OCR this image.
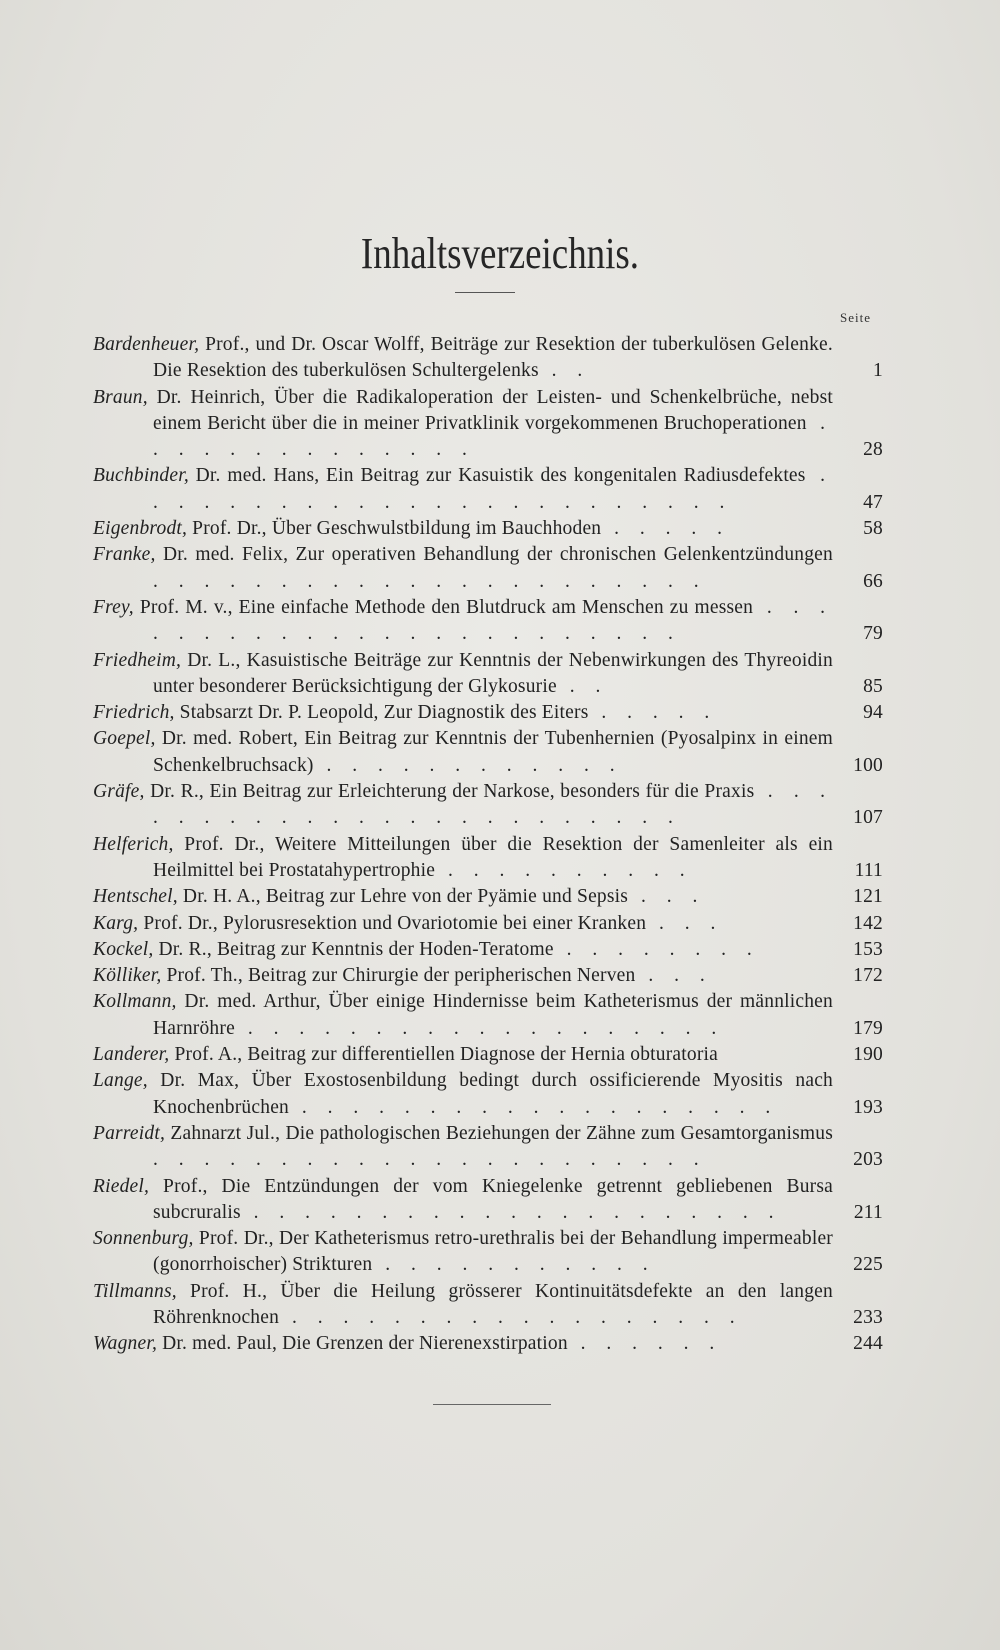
Inhaltsverzeichnis.
Seite

Bardenheuer, Prof., und Dr. Oscar Wolff, Beiträge zur Resektion der tuberkulösen Gelenke. Die Resektion des tuberkulösen Schultergelenks . .	1

Braun, Dr. Heinrich, Über die Radikaloperation der Leisten- und Schenkelbrüche, nebst einem Bericht über die in meiner Privatklinik vorgekommenen Bruchoperationen . . . . . . . . . . . . . .	28

Buchbinder, Dr. med. Hans, Ein Beitrag zur Kasuistik des kongenitalen Radiusdefektes . . . . . . . . . . . . . . . . . . . . . . . .	47

Eigenbrodt, Prof. Dr., Über Geschwulstbildung im Bauchhoden . . . . .	58

Franke, Dr. med. Felix, Zur operativen Behandlung der chronischen Gelenkentzündungen . . . . . . . . . . . . . . . . . . . . . .	66

Frey, Prof. M. v., Eine einfache Methode den Blutdruck am Menschen zu messen . . . . . . . . . . . . . . . . . . . . . . . .	79

Friedheim, Dr. L., Kasuistische Beiträge zur Kenntnis der Nebenwirkungen des Thyreoidin unter besonderer Berücksichtigung der Glykosurie . .	85

Friedrich, Stabsarzt Dr. P. Leopold, Zur Diagnostik des Eiters . . . . .	94

Goepel, Dr. med. Robert, Ein Beitrag zur Kenntnis der Tubenhernien (Pyosalpinx in einem Schenkelbruchsack) . . . . . . . . . . . .	100

Gräfe, Dr. R., Ein Beitrag zur Erleichterung der Narkose, besonders für die Praxis . . . . . . . . . . . . . . . . . . . . . . . .	107

Helferich, Prof. Dr., Weitere Mitteilungen über die Resektion der Samenleiter als ein Heilmittel bei Prostatahypertrophie . . . . . . . . . .	111

Hentschel, Dr. H. A., Beitrag zur Lehre von der Pyämie und Sepsis . . .	121

Karg, Prof. Dr., Pylorusresektion und Ovariotomie bei einer Kranken . . .	142

Kockel, Dr. R., Beitrag zur Kenntnis der Hoden-Teratome . . . . . . . .	153

Kölliker, Prof. Th., Beitrag zur Chirurgie der peripherischen Nerven . . .	172

Kollmann, Dr. med. Arthur, Über einige Hindernisse beim Katheterismus der männlichen Harnröhre . . . . . . . . . . . . . . . . . . .	179

Landerer, Prof. A., Beitrag zur differentiellen Diagnose der Hernia obturatoria	190

Lange, Dr. Max, Über Exostosenbildung bedingt durch ossificierende Myositis nach Knochenbrüchen . . . . . . . . . . . . . . . . . . .	193

Parreidt, Zahnarzt Jul., Die pathologischen Beziehungen der Zähne zum Gesamtorganismus . . . . . . . . . . . . . . . . . . . . . .	203

Riedel, Prof., Die Entzündungen der vom Kniegelenke getrennt gebliebenen Bursa subcruralis . . . . . . . . . . . . . . . . . . . . .	211

Sonnenburg, Prof. Dr., Der Katheterismus retro-urethralis bei der Behandlung impermeabler (gonorrhoischer) Strikturen . . . . . . . . . . .	225

Tillmanns, Prof. H., Über die Heilung grösserer Kontinuitätsdefekte an den langen Röhrenknochen . . . . . . . . . . . . . . . . . .	233

Wagner, Dr. med. Paul, Die Grenzen der Nierenexstirpation . . . . . .	244
